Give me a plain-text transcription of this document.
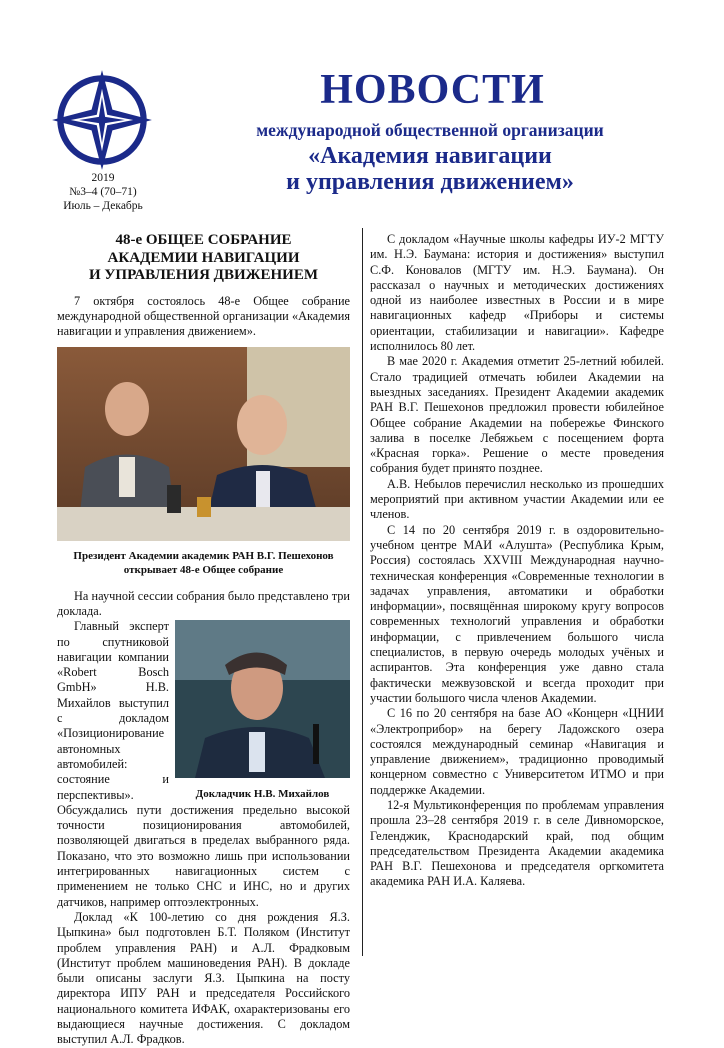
2019
№3–4 (70–71)
Июль – Декабрь
НОВОСТИ
международной общественной организации
«Академия навигации
и управления движением»
48-е ОБЩЕЕ СОБРАНИЕ
АКАДЕМИИ НАВИГАЦИИ
И УПРАВЛЕНИЯ ДВИЖЕНИЕМ

7 октября состоялось 48-е Общее собрание международной общественной организации «Академия навигации и управления движением».

Президент Академии академик РАН В.Г. Пешехонов
открывает 48-е Общее собрание

На научной сессии собрания было представлено три доклада.

Докладчик Н.В. Михайлов

Главный эксперт по спутниковой навигации компании «Robert Bosch GmbH» Н.В. Михайлов выступил с докладом «Позиционирование автономных автомобилей: состояние и перспективы». Обсуждались пути достижения предельно высокой точности позиционирования автомобилей, позволяющей двигаться в пределах выбранного ряда. Показано, что это возможно лишь при использовании интегрированных навигационных систем с применением не только СНС и ИНС, но и других датчиков, например оптоэлектронных.

Доклад «К 100-летию со дня рождения Я.З. Цыпкина» был подготовлен Б.Т. Поляком (Институт проблем управления РАН) и А.Л. Фрадковым (Институт проблем машиноведения РАН). В докладе были описаны заслуги Я.З. Цыпкина на посту директора ИПУ РАН и председателя Российского национального комитета ИФАК, охарактеризованы его выдающиеся научные достижения. С докладом выступил А.Л. Фрадков.

С докладом «Научные школы кафедры ИУ-2 МГТУ им. Н.Э. Баумана: история и достижения» выступил С.Ф. Коновалов (МГТУ им. Н.Э. Баумана). Он рассказал о научных и методических достижениях одной из наиболее известных в России и в мире навигационных кафедр «Приборы и системы ориентации, стабилизации и навигации». Кафедре исполнилось 80 лет.

В мае 2020 г. Академия отметит 25-летний юбилей. Стало традицией отмечать юбилеи Академии на выездных заседаниях. Президент Академии академик РАН В.Г. Пешехонов предложил провести юбилейное Общее собрание Академии на побережье Финского залива в поселке Лебяжьем с посещением форта «Красная горка». Решение о месте проведения собрания будет принято позднее.

А.В. Небылов перечислил несколько из прошедших мероприятий при активном участии Академии или ее членов.

С 14 по 20 сентября 2019 г. в оздоровительно-учебном центре МАИ «Алушта» (Республика Крым, Россия) состоялась XXVIII Международная научно-техническая конференция «Современные технологии в задачах управления, автоматики и обработки информации», посвящённая широкому кругу вопросов современных технологий управления и обработки информации, с привлечением большого числа специалистов, в первую очередь молодых учёных и аспирантов. Эта конференция уже давно стала фактически межвузовской и всегда проходит при участии большого числа членов Академии.

С 16 по 20 сентября на базе АО «Концерн «ЦНИИ «Электроприбор» на берегу Ладожского озера состоялся международный семинар «Навигация и управление движением», традиционно проводимый концерном совместно с Университетом ИТМО и при поддержке Академии.

12-я Мультиконференция по проблемам управления прошла 23–28 сентября 2019 г. в селе Дивноморское, Геленджик, Краснодарский край, под общим председательством Президента Академии академика РАН В.Г. Пешехонова и председателя оргкомитета академика РАН И.А. Каляева.
